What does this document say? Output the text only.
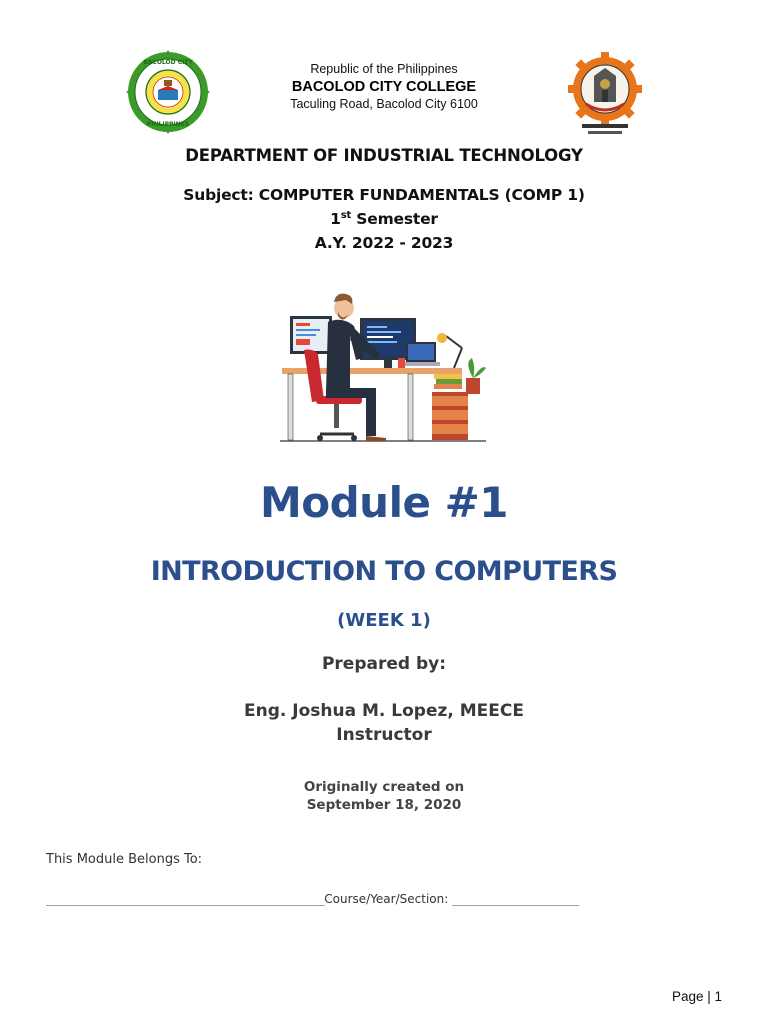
BACOLOD CITY
PHILIPPINES
Republic of the Philippines
BACOLOD CITY COLLEGE
Taculing Road, Bacolod City 6100
DEPARTMENT OF INDUSTRIAL TECHNOLOGY
Subject: COMPUTER FUNDAMENTALS (COMP 1)
1st Semester
A.Y. 2022 - 2023
Module #1
INTRODUCTION TO COMPUTERS
(WEEK 1)
Prepared by:
Eng. Joshua M. Lopez, MEECE
Instructor
Originally created on
September 18, 2020
This Module Belongs To:
____________________________________________Course/Year/Section: ____________________
Page | 1
